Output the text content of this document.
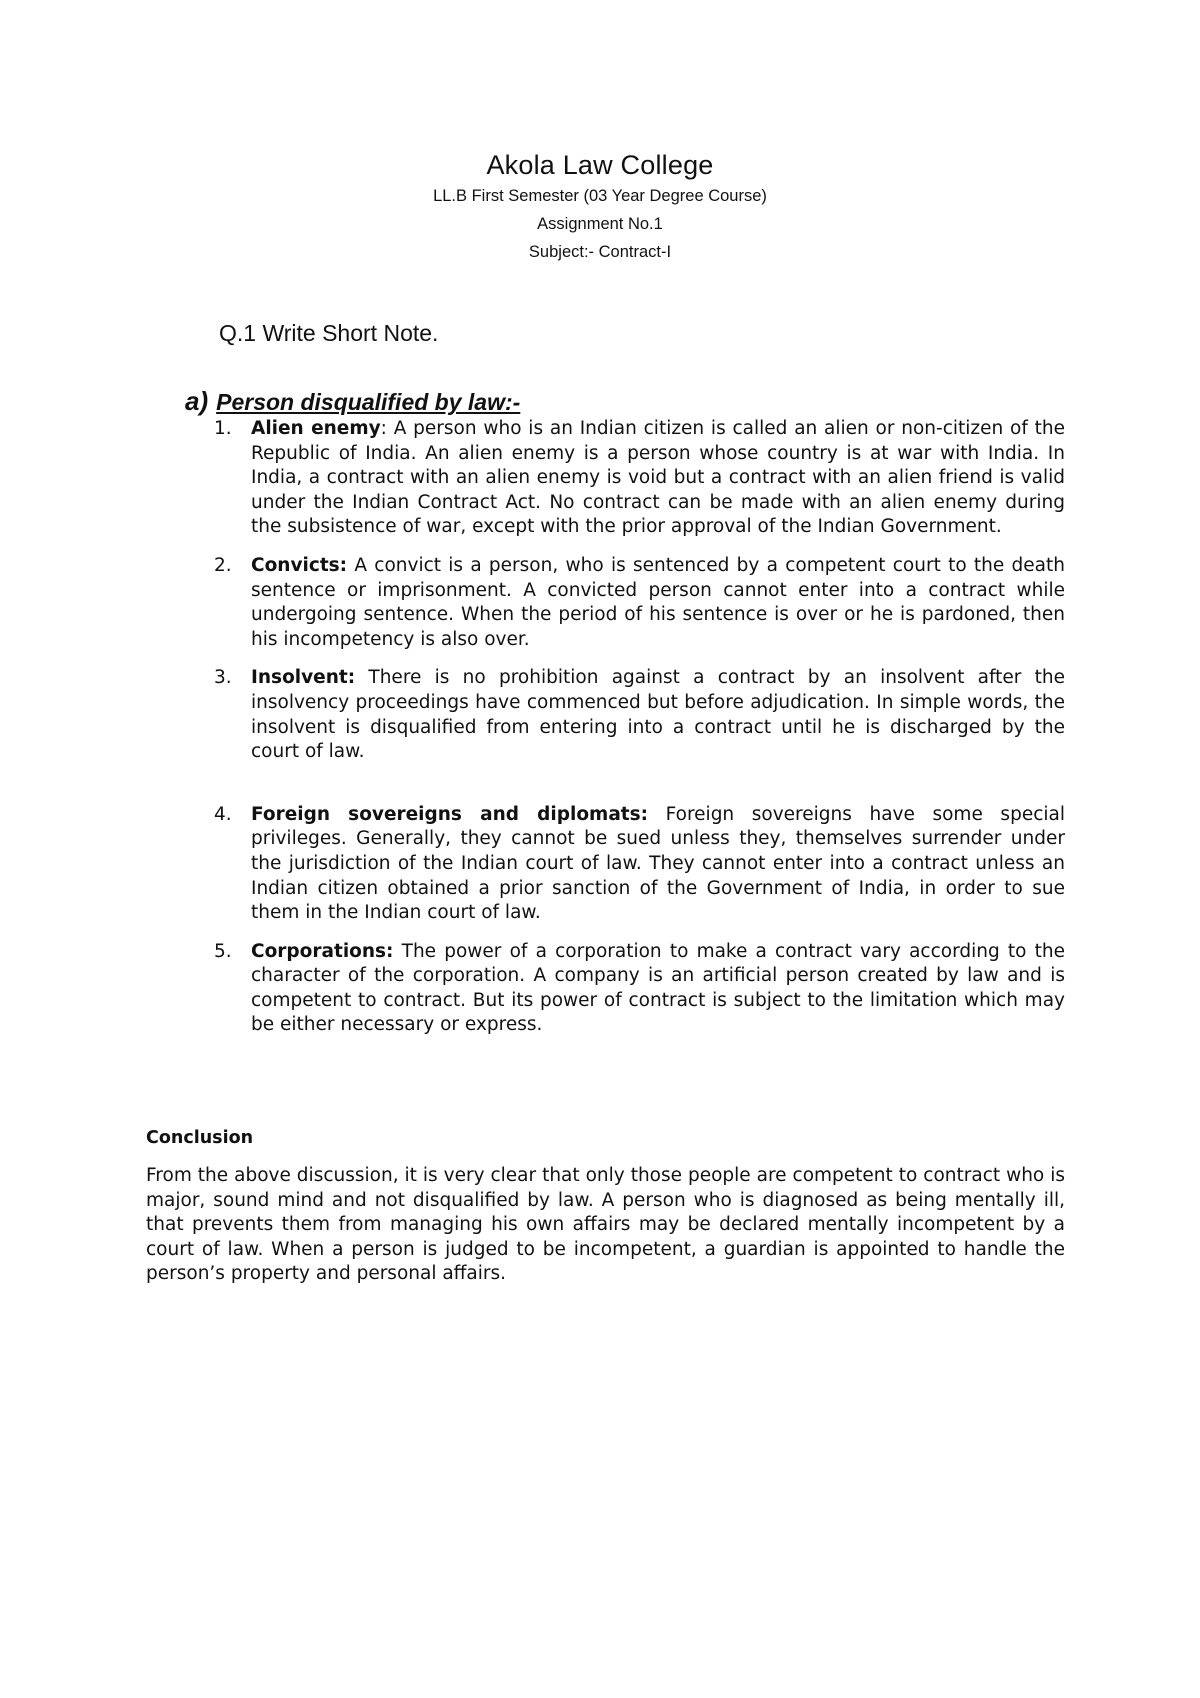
Akola Law College
LL.B First Semester (03 Year Degree Course)
Assignment No.1
Subject:- Contract-I
Q.1 Write Short Note.
a) Person disqualified by law:-
1. Alien enemy: A person who is an Indian citizen is called an alien or non-citizen of the Republic of India. An alien enemy is a person whose country is at war with India. In India, a contract with an alien enemy is void but a contract with an alien friend is valid under the Indian Contract Act. No contract can be made with an alien enemy during the subsistence of war, except with the prior approval of the Indian Government.
2. Convicts: A convict is a person, who is sentenced by a competent court to the death sentence or imprisonment. A convicted person cannot enter into a contract while undergoing sentence. When the period of his sentence is over or he is pardoned, then his incompetency is also over.
3. Insolvent: There is no prohibition against a contract by an insolvent after the insolvency proceedings have commenced but before adjudication. In simple words, the insolvent is disqualified from entering into a contract until he is discharged by the court of law.
4. Foreign sovereigns and diplomats: Foreign sovereigns have some special privileges. Generally, they cannot be sued unless they, themselves surrender under the jurisdiction of the Indian court of law. They cannot enter into a contract unless an Indian citizen obtained a prior sanction of the Government of India, in order to sue them in the Indian court of law.
5. Corporations: The power of a corporation to make a contract vary according to the character of the corporation. A company is an artificial person created by law and is competent to contract. But its power of contract is subject to the limitation which may be either necessary or express.
Conclusion

From the above discussion, it is very clear that only those people are competent to contract who is major, sound mind and not disqualified by law. A person who is diagnosed as being mentally ill, that prevents them from managing his own affairs may be declared mentally incompetent by a court of law. When a person is judged to be incompetent, a guardian is appointed to handle the person’s property and personal affairs.
